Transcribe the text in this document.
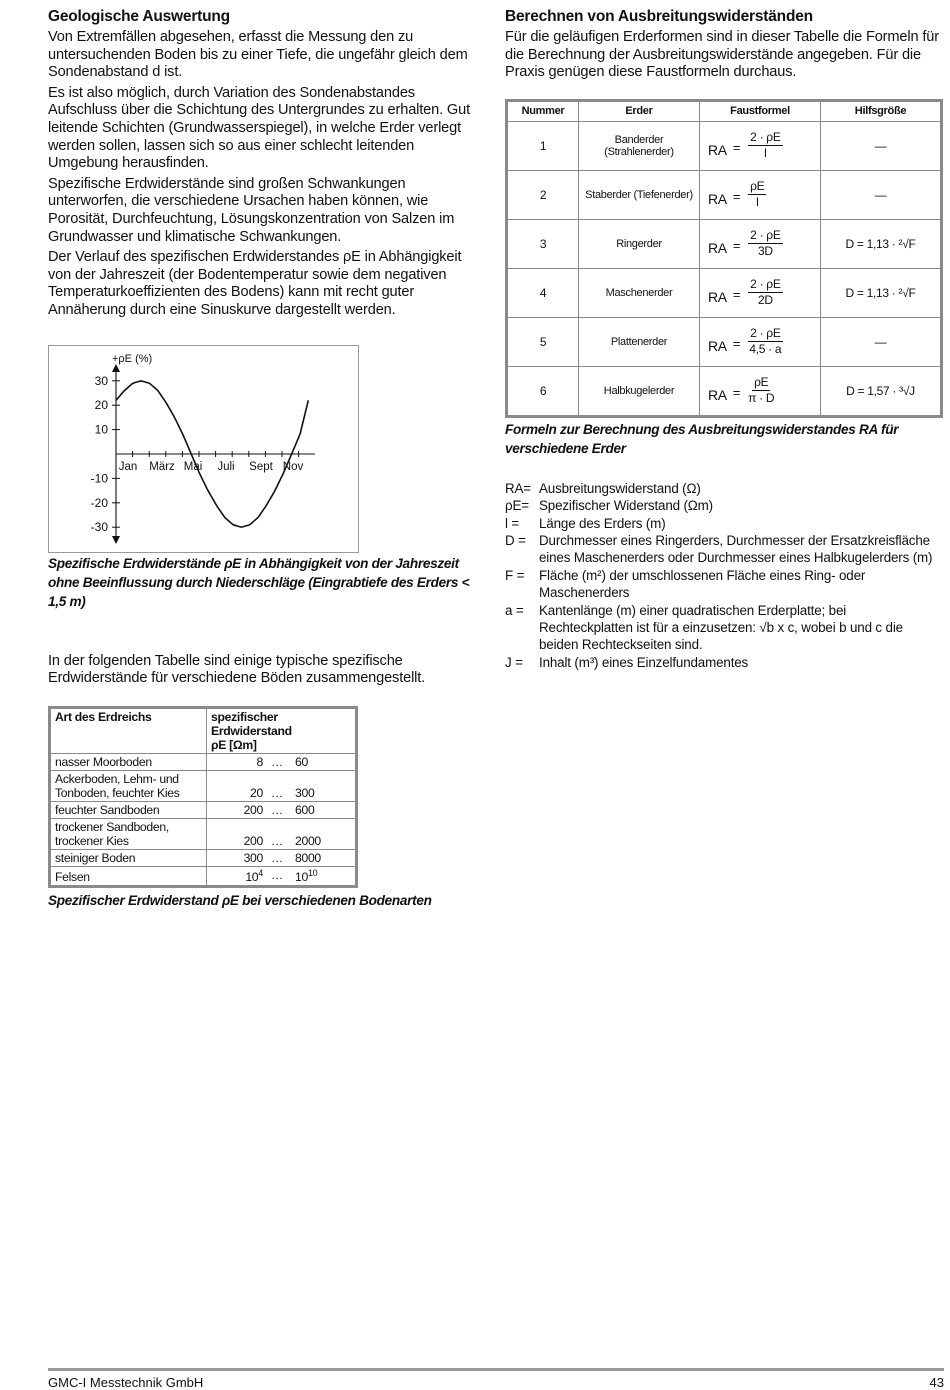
Geologische Auswertung

Von Extremfällen abgesehen, erfasst die Messung den zu untersuchenden Boden bis zu einer Tiefe, die ungefähr gleich dem Sondenabstand d ist.

Es ist also möglich, durch Variation des Sondenabstandes Aufschluss über die Schichtung des Untergrundes zu erhalten. Gut leitende Schichten (Grundwasserspiegel), in welche Erder verlegt werden sollen, lassen sich so aus einer schlecht leitenden Umgebung herausfinden.

Spezifische Erdwiderstände sind großen Schwankungen unterworfen, die verschiedene Ursachen haben können, wie Porosität, Durchfeuchtung, Lösungskonzentration von Salzen im Grundwasser und klimatische Schwankungen.

Der Verlauf des spezifischen Erdwiderstandes ρE in Abhängigkeit von der Jahreszeit (der Bodentemperatur sowie dem negativen Temperaturkoeffizienten des Bodens) kann mit recht guter Annäherung durch eine Sinuskurve dargestellt werden.

30
20
10
-10
-20
-30
Jan März Mai Juli Sept Nov
+ρE (%)

Spezifische Erdwiderstände ρE in Abhängigkeit von der Jahreszeit ohne Beeinflussung durch Niederschläge (Eingrabtiefe des Erders < 1,5 m)

In der folgenden Tabelle sind einige typische spezifische Erdwiderstände für verschiedene Böden zusammengestellt.

Art des Erdreichs	spezifischer Erdwiderstand
ρE [Ωm]

nasser Moorboden	8 … 60

Ackerboden, Lehm- und Tonboden, feuchter Kies	20 … 300

feuchter Sandboden	200 … 600

trockener Sandboden, trockener Kies	200 … 2000

steiniger Boden	300 … 8000

Felsen	$10^4$ … $10^{10}$

Spezifischer Erdwiderstand ρE bei verschiedenen Bodenarten

Berechnen von Ausbreitungswiderständen

Für die geläufigen Erderformen sind in dieser Tabelle die Formeln für die Berechnung der Ausbreitungswiderstände angegeben. Für die Praxis genügen diese Faustformeln durchaus.

Nummer	Erder	Faustformel	Hilfsgröße
1	Banderder (Strahlenerder)	RA = $\frac{2 \cdot \rho E}{l}$	—
2	Staberder (Tiefenerder)	RA = $\frac{\rho E}{l}$	—
3	Ringerder	RA = $\frac{2 \cdot \rho E}{3D}$	D = 1,13 · ²√F
4	Maschenerder	RA = $\frac{2 \cdot \rho E}{2D}$	D = 1,13 · ²√F
5	Plattenerder	RA = $\frac{2 \cdot \rho E}{4,5 \cdot a}$	—
6	Halbkugelerder	RA = $\frac{\rho E}{\pi \cdot D}$	D = 1,57 · ³√J

Formeln zur Berechnung des Ausbreitungswiderstandes RA für verschiedene Erder

RA= Ausbreitungswiderstand (Ω)
ρE= Spezifischer Widerstand (Ωm)
l =	Länge des Erders (m)
D = Durchmesser eines Ringerders, Durchmesser der Ersatzkreisfläche eines Maschenerders oder Durchmesser eines Halbkugelerders (m)
F =	Fläche (m²) der umschlossenen Fläche eines Ring- oder Maschenerders
a =	Kantenlänge (m) einer quadratischen Erderplatte; bei Rechteckplatten ist für a einzusetzen: √b x c, wobei b und c die beiden Rechteckseiten sind.
J =	Inhalt (m³) eines Einzelfundamentes
GMC-I Messtechnik GmbH	43
